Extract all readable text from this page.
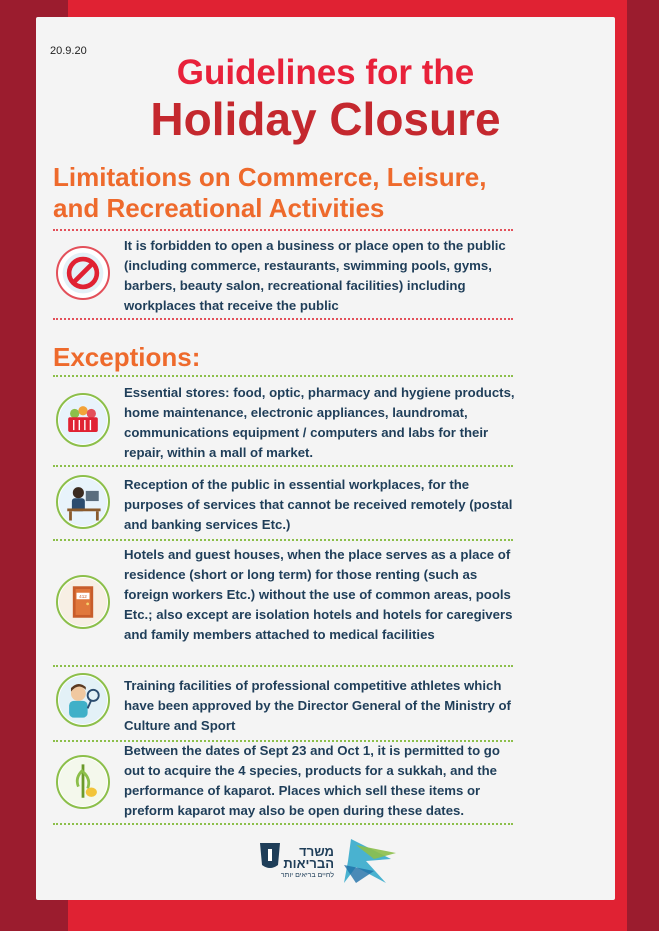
20.9.20
Guidelines for the
Holiday Closure
Limitations on Commerce, Leisure, and Recreational Activities
It is forbidden to open a business or place open to the public (including commerce, restaurants, swimming pools, gyms, barbers, beauty salon, recreational facilities) including workplaces that receive the public
Exceptions:
Essential stores: food, optic, pharmacy and hygiene products, home maintenance, electronic appliances, laundromat, communications equipment / computers and labs for their repair, within a mall of market.
Reception of the public in essential workplaces, for the purposes of services that cannot be received remotely (postal and banking services Etc.)
412
Hotels and guest houses, when the place serves as a place of residence (short or long term) for those renting (such as foreign workers Etc.) without the use of common areas, pools Etc.; also except are isolation hotels and hotels for caregivers and family members attached to medical facilities
Training facilities of professional competitive athletes which have been approved by the Director General of the Ministry of Culture and Sport
Between the dates of Sept 23 and Oct 1, it is permitted to go out to acquire the 4 species, products for a sukkah, and the performance of kaparot. Places which sell these items or preform kaparot may also be open during these dates.
משרד
הבריאות
לחיים בריאים יותר
